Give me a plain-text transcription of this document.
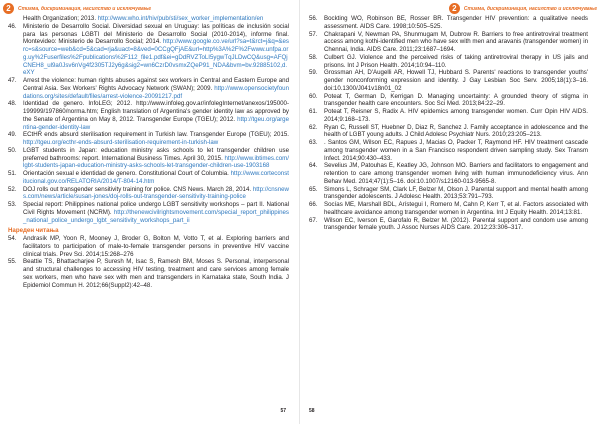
2	Стигма, дискриминация, насилство и исключување
Health Organization; 2013. http://www.who.int/hiv/pub/sti/sex_worker_implementation/en
46.	Ministerio de Desarrollo Social. Diversidad sexual en Uruguay: las políticas de inclusión social para las personas LGBTI del Ministerio de Desarrollo Social (2010-2014), informe final. Montevideo: Ministerio de Desarrollo Social; 2014. http://www.google.co.ve/url?sa=t&rct=j&q=&esrc=s&source=web&cd=5&cad=rja&uact=8&ved=0CCgQFjAE&url=http%3A%2F%2Fwww.unfpa.org.uy%2Fuserfiles%2Fpublications%2F112_file1.pdf&ei=gDdRVZToLI5ygwTqJLDwCQ&usg=AFQjCNEH8_ul9a0Jsv6nVg4f2305TJ2y6g&sig2=wn6CzrD0vsmxZQeP91_NDA&bvm=bv.92885102,d.eXY
47.	Arrest the violence: human rights abuses against sex workers in Central and Eastern Europe and Central Asia. Sex Workers' Rights Advocacy Network (SWAN); 2009. http://www.opensocietyfoundations.org/sites/default/files/arrest-violence-20091217.pdf
48.	Identidad de genero. InfoLEG; 2012. http://www.infoleg.gov.ar/infolegInternet/anexos/195000-199999/197860/norma.htm; English translation of Argentina's gender identity law as approved by the Senate of Argentina on May 8, 2012. Transgender Europe (TGEU); 2012. http://tgeu.org/argentina-gender-identity-law
49.	ECtHR ends absurd sterilisation requirement in Turkish law. Transgender Europe (TGEU); 2015. http://tgeu.org/ecthr-ends-absurd-sterilisation-requirement-in-turkish-law
50.	LGBT students in Japan: education ministry asks schools to let transgender children use preferred bathrooms: report. International Business Times. April 30, 2015. http://www.ibtimes.com/lgbt-students-japan-education-ministry-asks-schools-let-transgender-children-use-1903168
51.	Orientación sexual e identidad de genero. Constitutional Court of Columbia. http://www.corteconstitucional.gov.co/RELATORIA/2014/T-804-14.htm
52.	DOJ rolls out transgender sensitivity training for police. CNS News. March 28, 2014. http://cnsnews.com/news/article/susan-jones/doj-rolls-out-transgender-sensitivity-training-police
53.	Special report: Philippines national police undergo LGBT sensitivity workshops – part II. National Civil Rights Movement (NCRM). http://thenewcivilrightsmovement.com/special_report_philippines_national_police_undergo_lgbt_sensitivity_workshops_part_ii
Нареден читања
54.	Andrasik MP, Yoon R, Mooney J, Broder G, Bolton M, Votto T, et al. Exploring barriers and facilitators to participation of male-to-female transgender persons in preventive HIV vaccine clinical trials. Prev Sci. 2014;15:268–276
55.	Beattie TS, Bhattacharjee P, Suresh M, Isac S, Ramesh BM, Moses S. Personal, interpersonal and structural challenges to accessing HIV testing, treatment and care services among female sex workers, men who have sex with men and transgenders in Karnataka state, South India. J Epidemiol Commun H. 2012;66(Suppl2):42–48.
57
2	Стигма, дискриминация, насилство и исключување
56.	Bockting WO, Robinson BE, Rosser BR. Transgender HIV prevention: a qualitative needs assessment. AIDS Care. 1998;10:505–525.
57.	Chakrapani V, Newman PA, Shunmugam M, Dubrow R. Barriers to free antiretroviral treatment access among kothi-identified men who have sex with men and aravanis (transgender women) in Chennai, India. AIDS Care. 2011;23:1687–1694.
58.	Culbert GJ. Violence and the perceived risks of taking antiretroviral therapy in US jails and prisons. Int J Prison Health. 2014;10:94–110.
59.	Grossman AH, D'Augelli AR, Howell TJ, Hubbard S. Parents' reactions to transgender youths' gender nonconforming expression and identity. J Gay Lesbian Soc Serv. 2005;18(1):3–16. doi:10.1300/J041v18n01_02
60.	Poteat T, German D, Kerrigan D. Managing uncertainty: A grounded theory of stigma in transgender health care encounters. Soc Sci Med. 2013;84:22–29.
61.	Poteat T, Reisner S, Radix A. HIV epidemics among transgender women. Curr Opin HIV AIDS. 2014;9:168–173.
62.	Ryan C, Russell ST, Huebner D, Diaz R, Sanchez J. Family acceptance in adolescence and the health of LGBT young adults. J Child Adolesc Psychiatr Nurs. 2010;23:205–213.
63.	. Santos GM, Wilson EC, Rapues J, Macias O, Packer T, Raymond HF. HIV treatment cascade among transgender women in a San Francisco respondent driven sampling study. Sex Transm Infect. 2014;90:430–433.
64.	Sevelius JM, Patouhas E, Keatley JG, Johnson MO. Barriers and facilitators to engagement and retention to care among transgender women living with human immunodeficiency virus. Ann Behav Med. 2014;47(1):5–16. doi:10.1007/s12160-013-9565-8.
65.	Simons L, Schrager SM, Clark LF, Belzer M, Olson J. Parental support and mental health among transgender adolescents. J Adolesc Health. 2013;53:791–793.
66.	Socías ME, Marshall BDL, Arístegui I, Romero M, Cahn P, Kerr T, et al. Factors associated with healthcare avoidance among transgender women in Argentina. Int J Equity Health. 2014;13:81.
67.	Wilson EC, Iverson E, Garofalo R, Belzer M. (2012). Parental support and condom use among transgender female youth. J Assoc Nurses AIDS Care. 2012;23:306–317.
58
